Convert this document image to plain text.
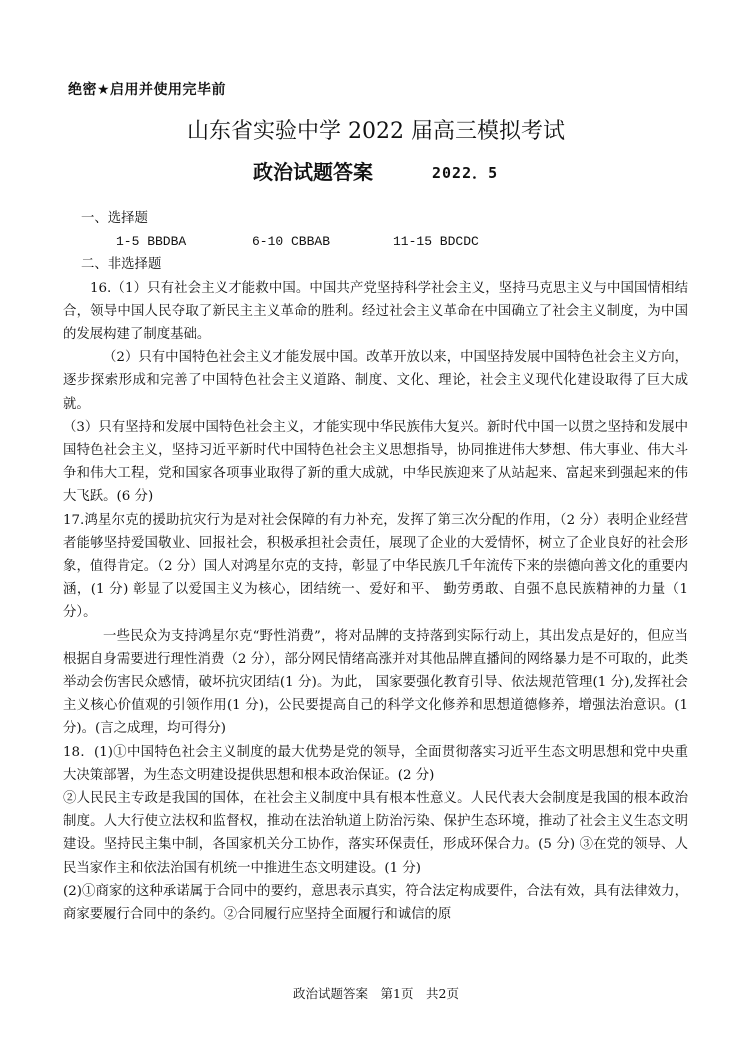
绝密★启用并使用完毕前
山东省实验中学 2022 届高三模拟考试
政治试题答案	2022．5

一、选择题

1-5 BBDBA	6-10 CBBAB	11-15 BDCDC

二、非选择题

16.（1）只有社会主义才能救中国。中国共产党坚持科学社会主义，坚持马克思主义与中国国情相结合，领导中国人民夺取了新民主主义革命的胜利。经过社会主义革命在中国确立了社会主义制度，为中国的发展构建了制度基础。

（2）只有中国特色社会主义才能发展中国。改革开放以来，中国坚持发展中国特色社会主义方向，逐步探索形成和完善了中国特色社会主义道路、制度、文化、理论，社会主义现代化建设取得了巨大成就。

（3）只有坚持和发展中国特色社会主义，才能实现中华民族伟大复兴。新时代中国一以贯之坚持和发展中国特色社会主义，坚持习近平新时代中国特色社会主义思想指导，协同推进伟大梦想、伟大事业、伟大斗争和伟大工程，党和国家各项事业取得了新的重大成就，中华民族迎来了从站起来、富起来到强起来的伟大飞跃。(6 分)

17.鸿星尔克的援助抗灾行为是对社会保障的有力补充，发挥了第三次分配的作用，（2 分）表明企业经营者能够坚持爱国敬业、回报社会，积极承担社会责任，展现了企业的大爱情怀，树立了企业良好的社会形象，值得肯定。（2 分）国人对鸿星尔克的支持，彰显了中华民族几千年流传下来的崇德向善文化的重要内涵，(1 分) 彰显了以爱国主义为核心，团结统一、爱好和平、 勤劳勇敢、自强不息民族精神的力量（1 分）。

一些民众为支持鸿星尔克“野性消费”，将对品牌的支持落到实际行动上，其出发点是好的，但应当根据自身需要进行理性消费（2 分），部分网民情绪高涨并对其他品牌直播间的网络暴力是不可取的，此类举动会伤害民众感情，破坏抗灾团结(1 分)。为此， 国家要强化教育引导、依法规范管理(1 分),发挥社会主义核心价值观的引领作用(1 分)，公民要提高自己的科学文化修养和思想道德修养，增强法治意识。(1 分)。(言之成理，均可得分)

18．(1)①中国特色社会主义制度的最大优势是党的领导，全面贯彻落实习近平生态文明思想和党中央重大决策部署，为生态文明建设提供思想和根本政治保证。(2 分)

②人民民主专政是我国的国体，在社会主义制度中具有根本性意义。人民代表大会制度是我国的根本政治制度。人大行使立法权和监督权，推动在法治轨道上防治污染、保护生态环境，推动了社会主义生态文明建设。坚持民主集中制，各国家机关分工协作，落实环保责任，形成环保合力。(5 分) ③在党的领导、人民当家作主和依法治国有机统一中推进生态文明建设。(1 分)

(2)①商家的这种承诺属于合同中的要约，意思表示真实，符合法定构成要件，合法有效，具有法律效力，商家要履行合同中的条约。②合同履行应坚持全面履行和诚信的原

政治试题答案　第1页　共2页
